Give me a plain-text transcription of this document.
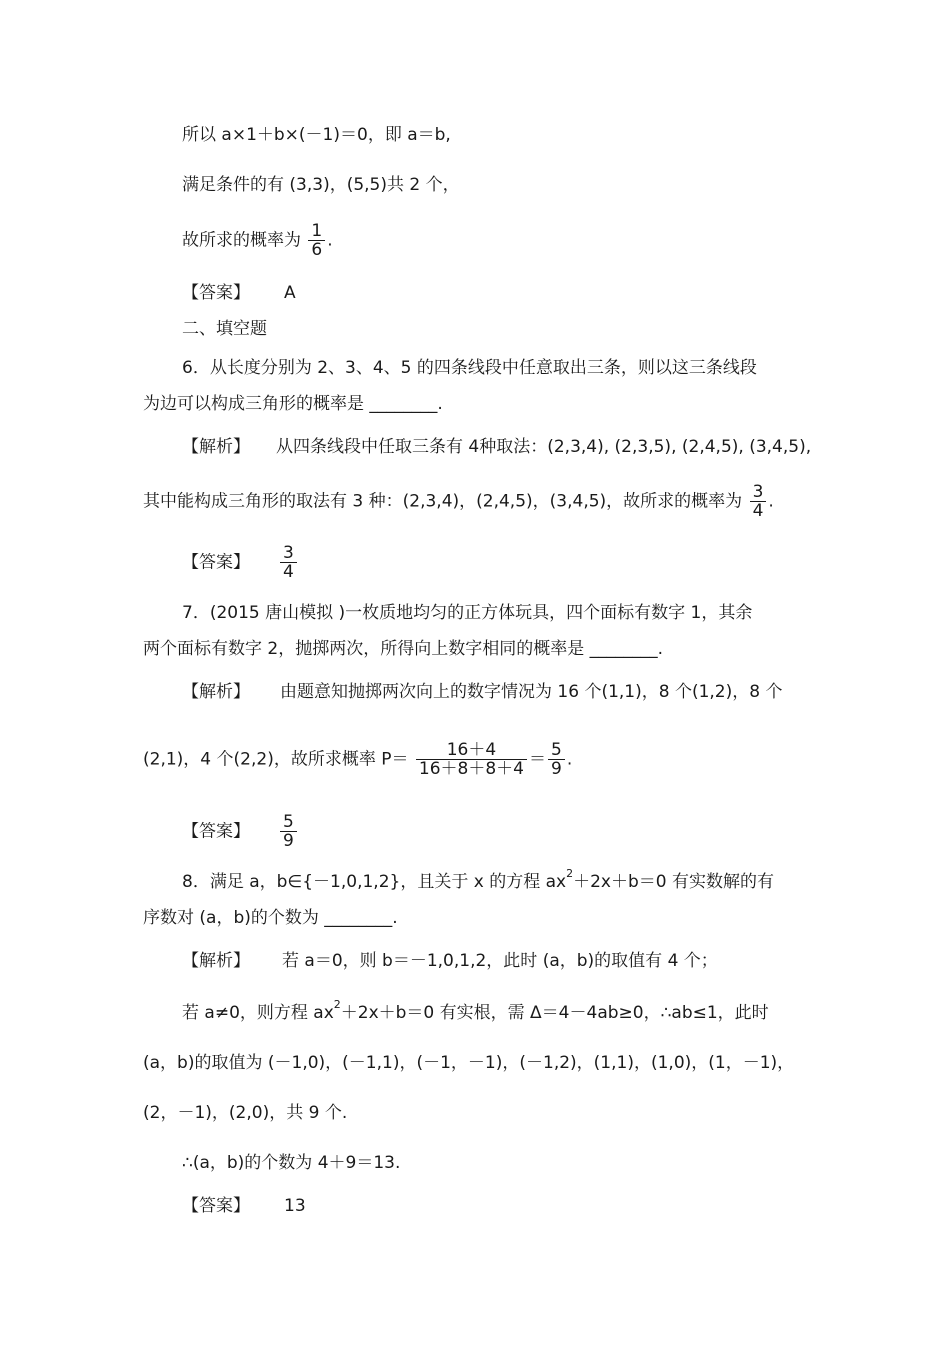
所以 a×1＋b×(－1)＝0，即 a＝b,
满足条件的有 (3,3)，(5,5)共 2 个，
故所求的概率为 $\frac{1}{6}$ .
【答案】 A
二、填空题
6．从长度分别为 2、3、4、5 的四条线段中任意取出三条，则以这三条线段
为边可以构成三角形的概率是 ________.
【解析】 从四条线段中任取三条有 4种取法：(2,3,4), (2,3,5), (2,4,5), (3,4,5),
其中能构成三角形的取法有 3 种：(2,3,4)，(2,4,5)，(3,4,5)，故所求的概率为 $\frac{3}{4}$ .
【答案】 $\frac{3}{4}$
7．(2015 唐山模拟 )一枚质地均匀的正方体玩具，四个面标有数字 1，其余
两个面标有数字 2，抛掷两次，所得向上数字相同的概率是 ________.
【解析】 由题意知抛掷两次向上的数字情况为 16 个(1,1)，8 个(1,2)，8 个
(2,1)，4 个(2,2)，故所求概率 $P= \frac{16+4}{16+8+8+4} = \frac{5}{9}$ .
【答案】 $\frac{5}{9}$
8．满足 a，b∈{－1,0,1,2}，且关于 x 的方程 $ax^2+2x+b=0$ 有实数解的有
序数对 (a，b)的个数为 ________.
【解析】 若 a＝0，则 b＝－1,0,1,2，此时 (a，b)的取值有 4 个；
若 a≠0，则方程 $ax^2+2x+b=0$ 有实根，需 Δ＝4－4ab≥0，∴ab≤1，此时
(a，b)的取值为 (－1,0)，(－1,1)，(－1，－1)，(－1,2)，(1,1)，(1,0)，(1，－1)，
(2，－1)，(2,0)，共 9 个.
∴(a，b)的个数为 4＋9＝13.
【答案】 13
